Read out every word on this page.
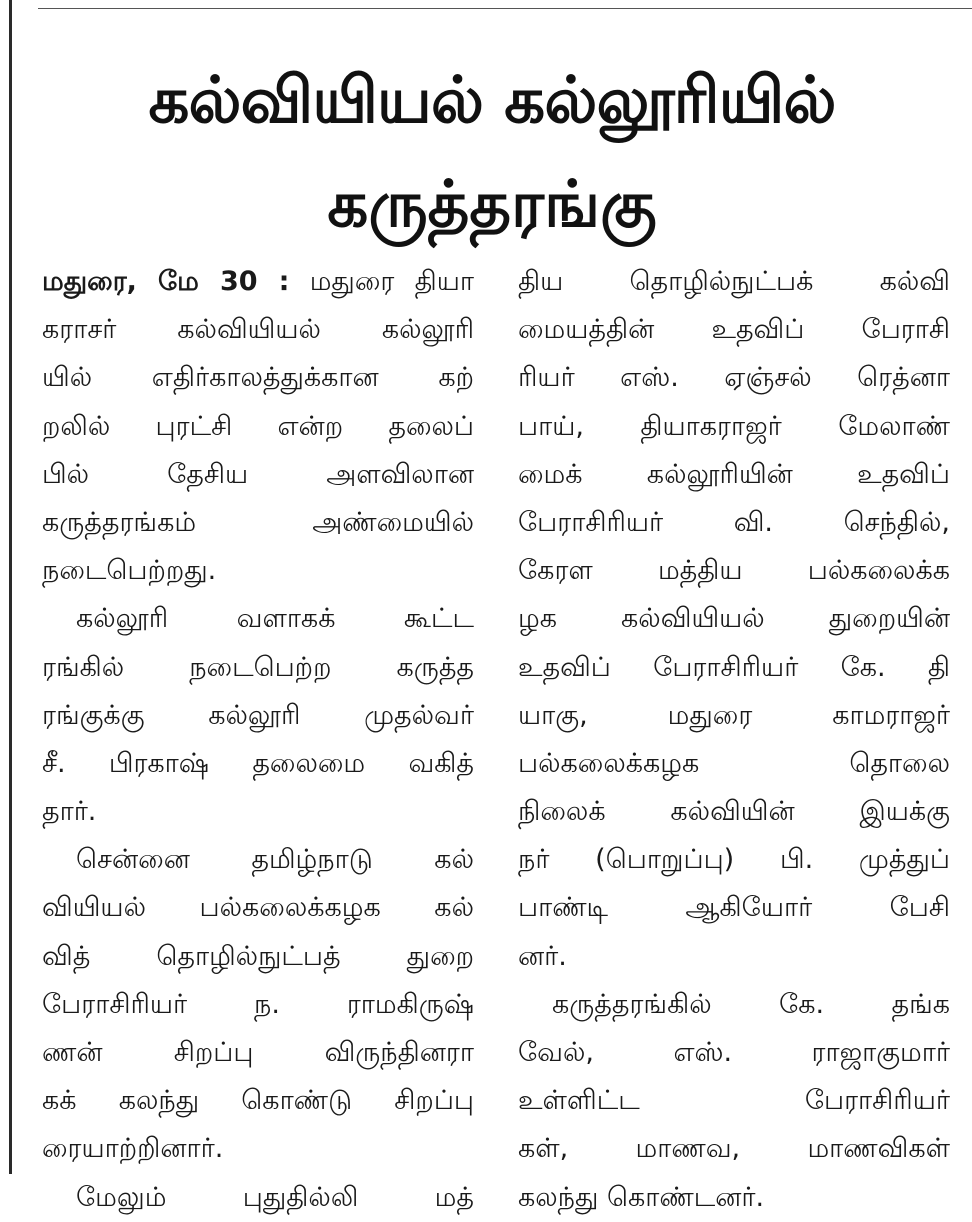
கல்வியியல் கல்லூரியில்
கருத்தரங்கு
மதுரை, மே 30 : மதுரை தியா
கராசர் கல்வியியல் கல்லூரி
யில் எதிர்காலத்துக்கான கற்
றலில் புரட்சி என்ற தலைப்
பில் தேசிய அளவிலான
கருத்தரங்கம் அண்மையில்
நடைபெற்றது.
கல்லூரி வளாகக் கூட்ட
ரங்கில் நடைபெற்ற கருத்த
ரங்குக்கு கல்லூரி முதல்வர்
சீ. பிரகாஷ் தலைமை வகித்
தார்.
சென்னை தமிழ்நாடு கல்
வியியல் பல்கலைக்கழக கல்
வித் தொழில்நுட்பத் துறை
பேராசிரியர் ந. ராமகிருஷ்
ணன் சிறப்பு விருந்தினரா
கக் கலந்து கொண்டு சிறப்பு
ரையாற்றினார்.
மேலும் புதுதில்லி மத்
திய தொழில்நுட்பக் கல்வி
மையத்தின் உதவிப் பேராசி
ரியர் எஸ். ஏஞ்சல் ரெத்னா
பாய், தியாகராஜர் மேலாண்
மைக் கல்லூரியின் உதவிப்
பேராசிரியர் வி. செந்தில்,
கேரள மத்திய பல்கலைக்க
ழக கல்வியியல் துறையின்
உதவிப் பேராசிரியர் கே. தி
யாகு, மதுரை காமராஜர்
பல்கலைக்கழக தொலை
நிலைக் கல்வியின் இயக்கு
நர் (பொறுப்பு) பி. முத்துப்
பாண்டி ஆகியோர் பேசி
னர்.
கருத்தரங்கில் கே. தங்க
வேல், எஸ். ராஜாகுமார்
உள்ளிட்ட பேராசிரியர்
கள், மாணவ, மாணவிகள்
கலந்து கொண்டனர்.
